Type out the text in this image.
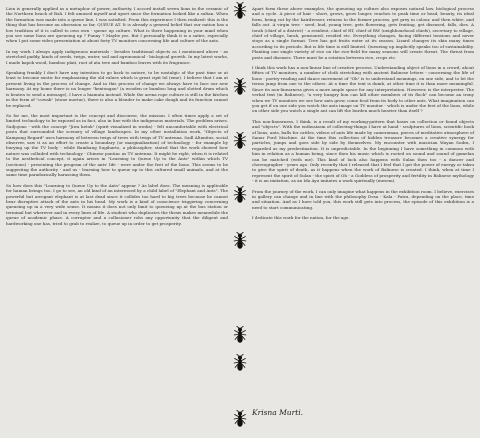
Lion is generally applied as a metaphor of power, authority. I accord install seven lions in the ceramic of the Northern beach of Bali. I felt amused myself and upset since the formation looked like a sultan. When the formation was made into a queue line, I was satisfied. From this experience I then realized: this is the thing that has become an obsession so far, QUEUE AT. It is already a general belief that our nation has a low tradition of it is called to own own - queue up culture. What is there happening in your mind when you see some lions are queueing up ? Funny ? Maybe yes. But I personally think it is a satire, especially when I put some video presentation at about forty TV monitors concerning life and culture of the ants.

In my work I always apply indigenous materials - besides traditional objects as I mentioned above - as stretched paddy, kinds of seeds, twigs, water, soil and agronomical - biological growth. In my latest works, I made kapok wood, bamboo plait, root of ata tree and bamboo leaves with its fragrance.

Speaking frankly I don't have any intention to go back to nature, to be nostalgic of the past time or at least to become exotic for emphasizing the old values which is great cipit lol (eme). I believe that I am at present living in the process of change. And in this process of change we always have to face our new harmony. At my home there is no longer "kentongan" (a wooden or bamboo long and slotted drum which is beaten to send a message), I have a hiamuta instead. While the arena rope culture is still in the kitchen in the form of "cowak" (stone mortar), there is also a blender to make cake dough and its function cannot be replaced.

So for me, the most important is the concept and discourse, the mission. I often times apply a set of limited technology to be exposed as in fact, also in line with the indigenous materials. The problem arises. Sudjojono - with the concept "Jiwa ketok" (spirit visualized in works) - felt uncomfortable with electrical posts that surrounded the scenery of village landscapes. In my other installation work, "Objects of Kampung Regard" uses harmony of between twigs of trees with twigs of TV antenna. Sadl Altanitus, social observer, saw it as an effort to create a boundary (or marginalization) of technology - for example by burying up the TV body - while Bambang Sugiharto, a philosopher, stated that the work showed how nature was colluded with technology - Chinese pontiac as TV antenna. It might be right, when it is related to the aesthetical concept, it again arises in "Learning to Queue Up to the Ants" within which TV (sections) - presenting the program of the ants' life - were under the feet of the lions. This seems to be suggesting the authority - and us - learning how to queue up to this cultured small animals, and at the same time paradoxically harassing them.

So how does this "Learning to Queue Up to the Ants" appear ? As label does. The meaning is applicable for human beings too. I go to see, an old kind of an interessed by a child label of "Elephant and Ants". The powerful but arrogant elephant is at last dead since it collides too hard to big trees because he cannot bear disruptive attack of the ants in his head. My work is a kind of conscience triggering concerning queueing up in a very wide sense. It means it does not only limit to queueing up at the bus station or terminal but wherever and in every lines of life. A student who duplicates the thesis makes meanwhile the queue of academic phase. A corruptor and a collusioner robs any opportunity that the diligent and hardworking one has, tried to grab to realize, to queue up in order to get prosperity.

Apart form these above examples, the queueing up culture also exposes natural law, biological process and a cycle. A piece of hair - short, grows, grow longer, reaches to peak time or head, beauty, its ideal form, being cut by the hairdresser, returns to the former process, get grey in colour, and then white, and falls out. A virgin tree - seed, bud, young tree, gets flowering, gets fruiting, get diseased, falls, dies. A torah (chief of a district) - a resident, chief of RT, chief of RW (neighbourhood chiefs), secretary to village, chief of village, lurah, pensioned, resided etc. Everything changes, facing different tensions and never stops as a single format. Tree has got fruits enter at its season. Lizard changes its skin many times according to its periods. But is life time is still limited. Queueing up implicitly speaks too of sustainability. Planting one single variety of rice on the rice-field for many seasons will create threat. The threat from pests and diseases. There must be a rotation between rice, crops etc.

I think this work has a non-linear line of creative process. Understanding object of lions in a crowd, about fifties of TV monitors, a number of cloth stretching with ancient Balinese letters - concerning the life of lions - poetry-reading and dance movement of "Oh" is to understand meanings, on one side, and to let the terms jump from one to the others. At a time the text is dumb, at other time it is than more meaningful. Since its non-linearness gives a more ample space for any interpretation. However, is the interpreter. The verbal text (in Balinese), "a very hungry lion can kill other members of its flock" can become an irony when we TV monitors we see how ants grow, come food from its body to other ants. What imagination can you get if on one side you watch the ants image on TV monitor - which is under the feet of the lions, while on other side you watch a single ant can lift the burden much heavier than itself ?

This non-linearness, I think, is a result of my working-pattern that bases on collection or found objects and "objects". With the enthusiasm of collecting-things I have at hand - sculptures of lions, scientific book of lions, ants, balls for cattles, videos of ants life made by cameraman, pieces of meditative atmosphere of Sanur Ford Machine. At the time this collection of hidden treasure becomes a creative synergy for particles, jumps and goes side by side by themselves. My encounter with musician Wayan Sudra, I regarded as my predestination. It is unpredictable. In the beginning I have something in common with him in relation as a human being, since then his music which is rooted on sound and sound of gamelan can be matched (with me). This kind of luck also happens with Sulan then too - a dancer and choreographer - years ago. Only recently that I released that I feel that I got the power of energy or taksu to give the spirit of death, as it happens when the work of Balinese is created. I think, when at time I represent the spirit of Sulan - the spirit of Oh - a Goddess of prosperity and fertility in Balinese mythology - it is an imitation, as an Ida Ayu imitates a work spiritually (mesem).

From the journey of the work, I can only imagine what happens in the exhibition room. I believe, exercises in gallery can change and in line with the philosophy Desa - Kala - Patra, depending on the place, time and situation. And as I have told you, this work still gets into process, the episode of this exhibition is a need to start communicating.

I dedicate this work for the nation, for the age.

Krisna Murti.
